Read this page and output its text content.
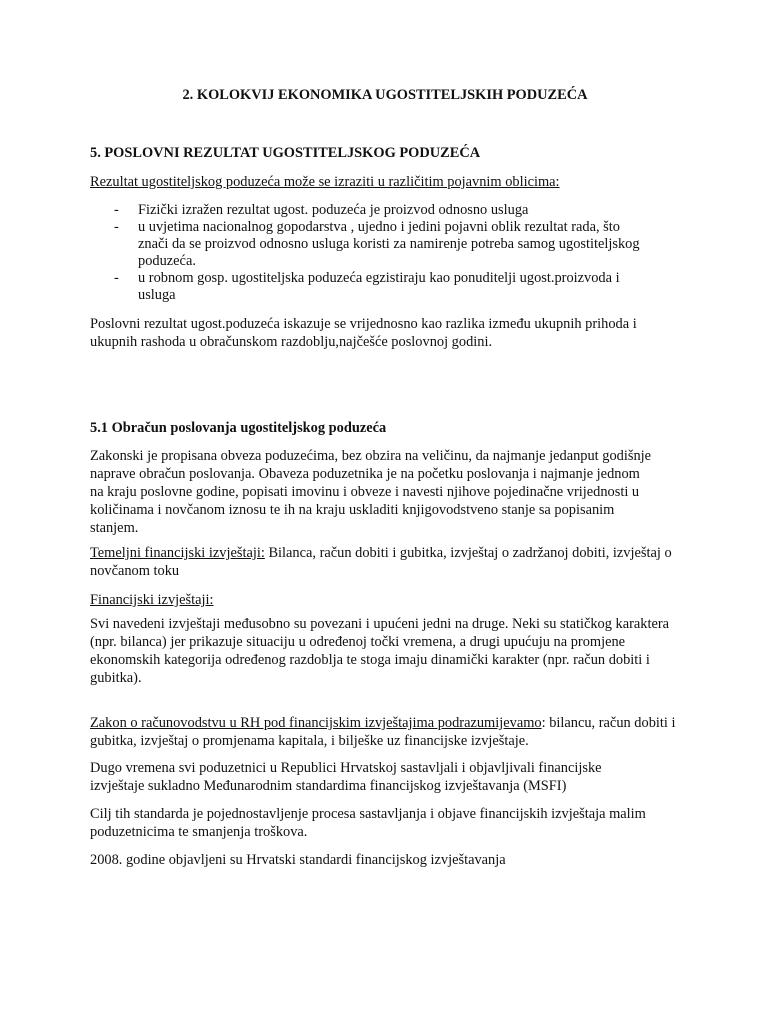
2. KOLOKVIJ EKONOMIKA UGOSTITELJSKIH PODUZEĆA
5. POSLOVNI REZULTAT UGOSTITELJSKOG PODUZEĆA
Rezultat ugostiteljskog poduzeća može se izraziti u različitim pojavnim oblicima:
- Fizički izražen rezultat ugost. poduzeća je proizvod odnosno usluga
- u uvjetima nacionalnog gopodarstva , ujedno i jedini pojavni oblik rezultat rada, što znači da se proizvod odnosno usluga koristi za namirenje potreba samog ugostiteljskog poduzeća.
- u robnom gosp. ugostiteljska poduzeća egzistiraju kao ponuditelji ugost.proizvoda i usluga

Poslovni rezultat ugost.poduzeća iskazuje se vrijednosno kao razlika između ukupnih prihoda i ukupnih rashoda u obračunskom razdoblju,najčešće poslovnoj godini.

5.1 Obračun poslovanja ugostiteljskog poduzeća

Zakonski je propisana obveza poduzećima, bez obzira na veličinu, da najmanje jedanput godišnje naprave obračun poslovanja. Obaveza poduzetnika je na početku poslovanja i najmanje jednom na kraju poslovne godine, popisati imovinu i obveze i navesti njihove pojedinačne vrijednosti u količinama i novčanom iznosu te ih na kraju uskladiti knjigovodstveno stanje sa popisanim stanjem.

Temeljni financijski izvještaji: Bilanca, račun dobiti i gubitka, izvještaj o zadržanoj dobiti, izvještaj o novčanom toku

Financijski izvještaji:

Svi navedeni izvještaji međusobno su povezani i upućeni jedni na druge. Neki su statičkog karaktera (npr. bilanca) jer prikazuje situaciju u određenoj točki vremena, a drugi upućuju na promjene ekonomskih kategorija određenog razdoblja te stoga imaju dinamički karakter (npr. račun dobiti i gubitka).

Zakon o računovodstvu u RH pod financijskim izvještajima podrazumijevamo: bilancu, račun dobiti i gubitka, izvještaj o promjenama kapitala, i bilješke uz financijske izvještaje.

Dugo vremena svi poduzetnici u Republici Hrvatskoj sastavljali i objavljivali financijske izvještaje sukladno Međunarodnim standardima financijskog izvještavanja (MSFI)

Cilj tih standarda je pojednostavljenje procesa sastavljanja i objave financijskih izvještaja malim poduzetnicima te smanjenja troškova.

2008. godine objavljeni su Hrvatski standardi financijskog izvještavanja
